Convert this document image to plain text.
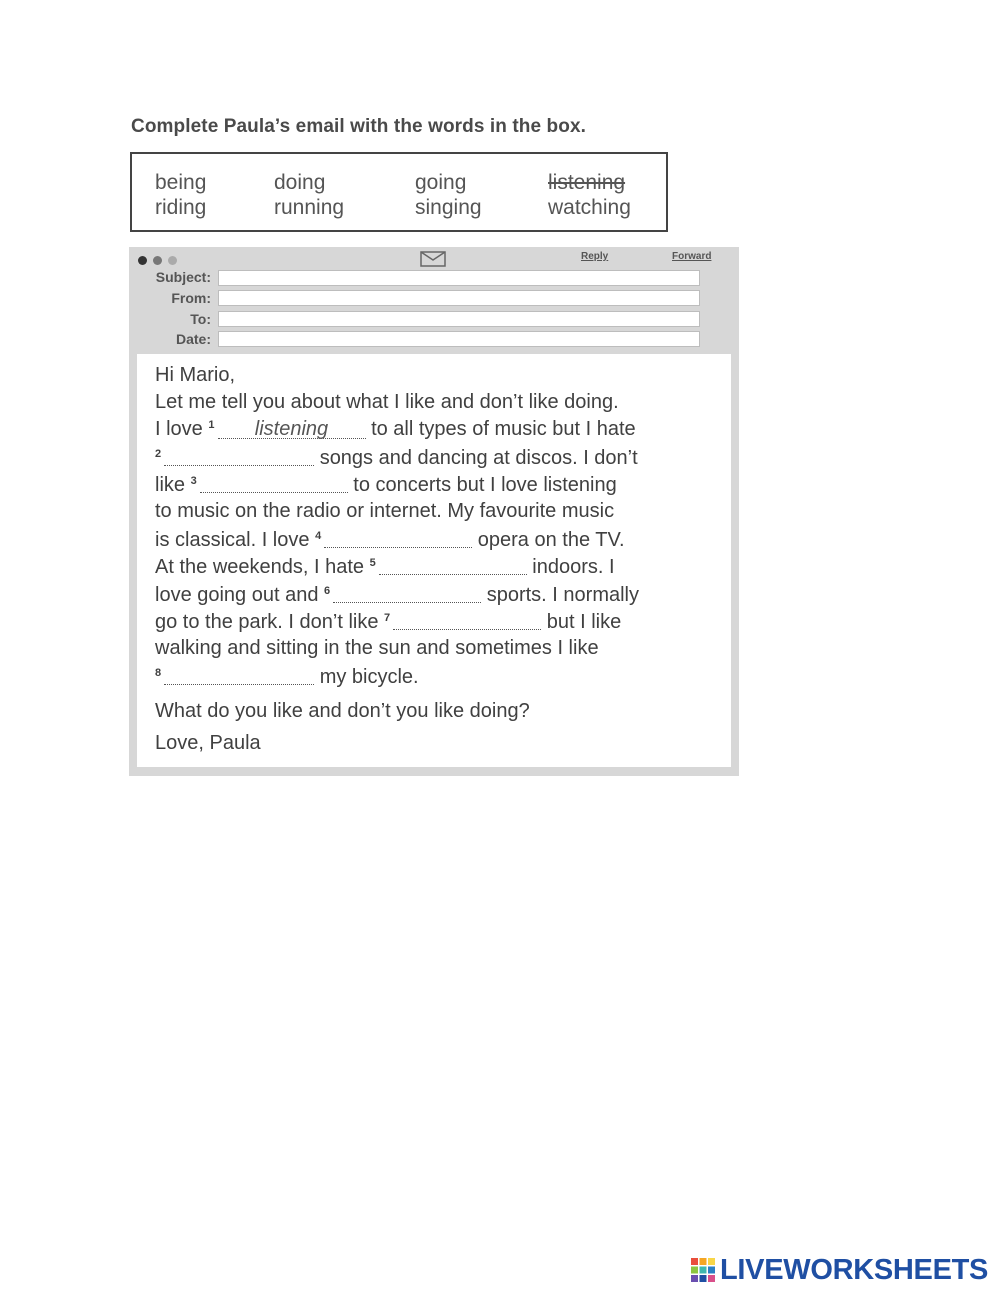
Complete Paula’s email with the words in the box.
being	doing	going	listening
riding	running	singing	watching
Reply	Forward
Subject:
From:
To:
Date:
Hi Mario,
Let me tell you about what I like and don’t like doing.
I love $^1$ listening to all types of music but I hate
$^2$	songs and dancing at discos. I don’t
like $^3$	to concerts but I love listening
to music on the radio or internet. My favourite music
is classical. I love $^4$	opera on the TV.
At the weekends, I hate $^5$	indoors. I
love going out and $^6$	sports. I normally
go to the park. I don’t like $^7$	but I like
walking and sitting in the sun and sometimes I like
$^8$	my bicycle.
What do you like and don’t you like doing?
Love, Paula
LIVEWORKSHEETS
